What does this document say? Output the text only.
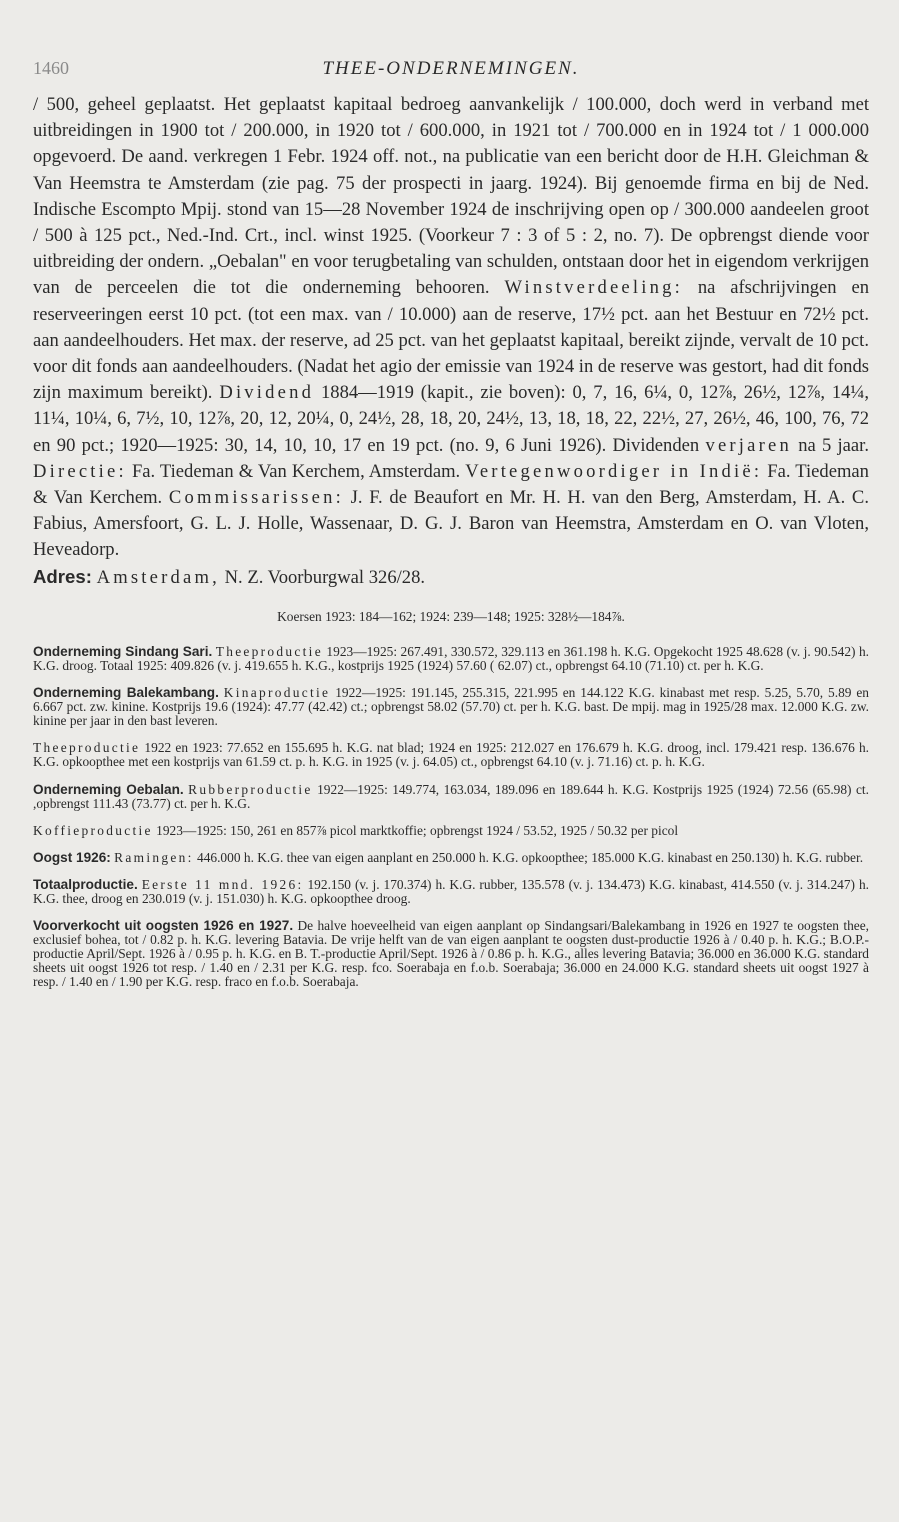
1460	THEE-ONDERNEMINGEN.

/ 500, geheel geplaatst. Het geplaatst kapitaal bedroeg aanvankelijk / 100.000, doch werd in verband met uitbreidingen in 1900 tot / 200.000, in 1920 tot / 600.000, in 1921 tot / 700.000 en in 1924 tot / 1 000.000 opgevoerd. De aand. verkregen 1 Febr. 1924 off. not., na publicatie van een bericht door de H.H. Gleichman & Van Heemstra te Amsterdam (zie pag. 75 der prospecti in jaarg. 1924). Bij genoemde firma en bij de Ned. Indische Escompto Mpij. stond van 15—28 November 1924 de inschrijving open op / 300.000 aandeelen groot / 500 à 125 pct., Ned.-Ind. Crt., incl. winst 1925. (Voorkeur 7 : 3 of 5 : 2, no. 7). De opbrengst diende voor uitbreiding der ondern. „Oebalan" en voor terugbetaling van schulden, ontstaan door het in eigendom verkrijgen van de perceelen die tot die onderneming behooren. Winstverdeeling: na afschrijvingen en reserveeringen eerst 10 pct. (tot een max. van / 10.000) aan de reserve, 17½ pct. aan het Bestuur en 72½ pct. aan aandeelhouders. Het max. der reserve, ad 25 pct. van het geplaatst kapitaal, bereikt zijnde, vervalt de 10 pct. voor dit fonds aan aandeelhouders. (Nadat het agio der emissie van 1924 in de reserve was gestort, had dit fonds zijn maximum bereikt). Dividend 1884—1919 (kapit., zie boven): 0, 7, 16, 6¼, 0, 12⅞, 26½, 12⅞, 14¼, 11¼, 10¼, 6, 7½, 10, 12⅞, 20, 12, 20¼, 0, 24½, 28, 18, 20, 24½, 13, 18, 18, 22, 22½, 27, 26½, 46, 100, 76, 72 en 90 pct.; 1920—1925: 30, 14, 10, 10, 17 en 19 pct. (no. 9, 6 Juni 1926). Dividenden verjaren na 5 jaar. Directie: Fa. Tiedeman & Van Kerchem, Amsterdam. Vertegenwoordiger in Indië: Fa. Tiedeman & Van Kerchem. Commissarissen: J. F. de Beaufort en Mr. H. H. van den Berg, Amsterdam, H. A. C. Fabius, Amersfoort, G. L. J. Holle, Wassenaar, D. G. J. Baron van Heemstra, Amsterdam en O. van Vloten, Heveadorp.
Adres: Amsterdam, N. Z. Voorburgwal 326/28.

Koersen 1923: 184—162; 1924: 239—148; 1925: 328½—184⅞.

Onderneming Sindang Sari. Theeproductie 1923—1925: 267.491, 330.572, 329.113 en 361.198 h. K.G. Opgekocht 1925 48.628 (v. j. 90.542) h. K.G. droog. Totaal 1925: 409.826 (v. j. 419.655 h. K.G., kostprijs 1925 (1924) 57.60 ( 62.07) ct., opbrengst 64.10 (71.10) ct. per h. K.G.

Onderneming Balekambang. Kinaproductie 1922—1925: 191.145, 255.315, 221.995 en 144.122 K.G. kinabast met resp. 5.25, 5.70, 5.89 en 6.667 pct. zw. kinine. Kostprijs 19.6 (1924): 47.77 (42.42) ct.; opbrengst 58.02 (57.70) ct. per h. K.G. bast. De mpij. mag in 1925/28 max. 12.000 K.G. zw. kinine per jaar in den bast leveren.

Theeproductie 1922 en 1923: 77.652 en 155.695 h. K.G. nat blad; 1924 en 1925: 212.027 en 176.679 h. K.G. droog, incl. 179.421 resp. 136.676 h. K.G. opkoopthee met een kostprijs van 61.59 ct. p. h. K.G. in 1925 (v. j. 64.05) ct., opbrengst 64.10 (v. j. 71.16) ct. p. h. K.G.

Onderneming Oebalan. Rubberproductie 1922—1925: 149.774, 163.034, 189.096 en 189.644 h. K.G. Kostprijs 1925 (1924) 72.56 (65.98) ct. ,opbrengst 111.43 (73.77) ct. per h. K.G.

Koffieproductie 1923—1925: 150, 261 en 857⅞ picol marktkoffie; opbrengst 1924 / 53.52, 1925 / 50.32 per picol

Oogst 1926: Ramingen: 446.000 h. K.G. thee van eigen aanplant en 250.000 h. K.G. opkoopthee; 185.000 K.G. kinabast en 250.130) h. K.G. rubber.

Totaalproductie. Eerste 11 mnd. 1926: 192.150 (v. j. 170.374) h. K.G. rubber, 135.578 (v. j. 134.473) K.G. kinabast, 414.550 (v. j. 314.247) h. K.G. thee, droog en 230.019 (v. j. 151.030) h. K.G. opkoopthee droog.

Voorverkocht uit oogsten 1926 en 1927. De halve hoeveelheid van eigen aanplant op Sindangsari/Balekambang in 1926 en 1927 te oogsten thee, exclusief bohea, tot / 0.82 p. h. K.G. levering Batavia. De vrije helft van de van eigen aanplant te oogsten dust-productie 1926 à / 0.40 p. h. K.G.; B.O.P.-productie April/Sept. 1926 à / 0.95 p. h. K.G. en B. T.-productie April/Sept. 1926 à / 0.86 p. h. K.G., alles levering Batavia; 36.000 en 36.000 K.G. standard sheets uit oogst 1926 tot resp. / 1.40 en / 2.31 per K.G. resp. fco. Soerabaja en f.o.b. Soerabaja; 36.000 en 24.000 K.G. standard sheets uit oogst 1927 à resp. / 1.40 en / 1.90 per K.G. resp. fraco en f.o.b. Soerabaja.
